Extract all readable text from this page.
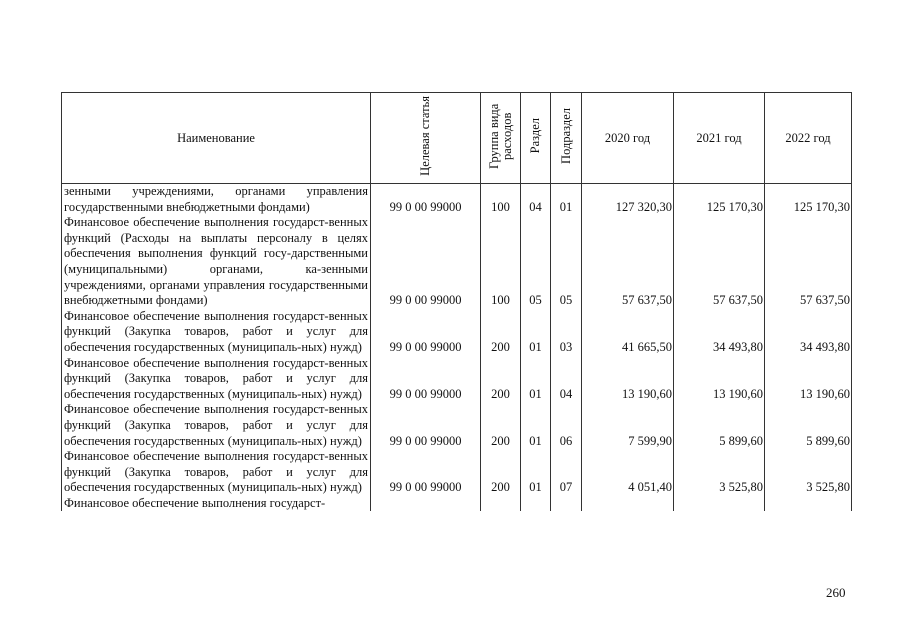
Наименование	Целевая статья	Группа вида расходов	Раздел	Подраздел	2020 год	2021 год	2022 год
зенными учреждениями, органами управления государственными внебюджетными фондами)	99 0 00 99000	100	04	01	127 320,30	125 170,30	125 170,30
Финансовое обеспечение выполнения государст-венных функций (Расходы на выплаты персоналу в целях обеспечения выполнения функций госу-дарственными (муниципальными) органами, ка-зенными учреждениями, органами управления государственными внебюджетными фондами)	99 0 00 99000	100	05	05	57 637,50	57 637,50	57 637,50
Финансовое обеспечение выполнения государст-венных функций (Закупка товаров, работ и услуг для обеспечения государственных (муниципаль-ных) нужд)	99 0 00 99000	200	01	03	41 665,50	34 493,80	34 493,80
Финансовое обеспечение выполнения государст-венных функций (Закупка товаров, работ и услуг для обеспечения государственных (муниципаль-ных) нужд)	99 0 00 99000	200	01	04	13 190,60	13 190,60	13 190,60
Финансовое обеспечение выполнения государст-венных функций (Закупка товаров, работ и услуг для обеспечения государственных (муниципаль-ных) нужд)	99 0 00 99000	200	01	06	7 599,90	5 899,60	5 899,60
Финансовое обеспечение выполнения государст-венных функций (Закупка товаров, работ и услуг для обеспечения государственных (муниципаль-ных) нужд)	99 0 00 99000	200	01	07	4 051,40	3 525,80	3 525,80
Финансовое обеспечение выполнения государст-							
260
